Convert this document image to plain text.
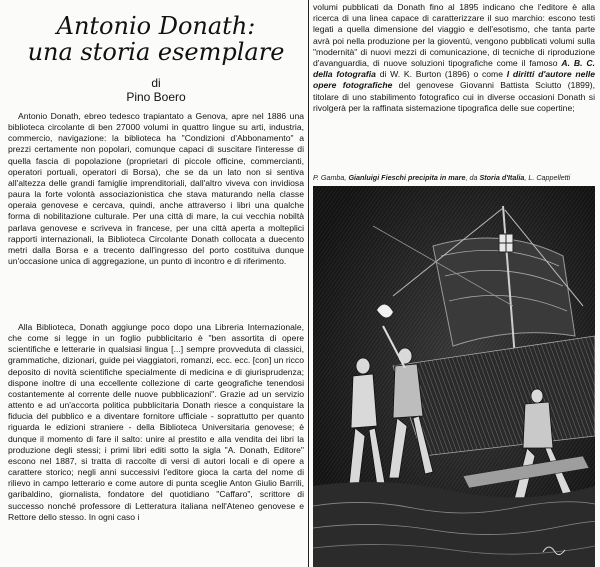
Antonio Donath:
una storia esemplare
di
Pino Boero

Antonio Donath, ebreo tedesco trapiantato a Genova, apre nel 1886 una biblioteca circolante di ben 27000 volumi in quattro lingue su arti, industria, commercio, navigazione: la biblioteca ha "Condizioni d'Abbonamento" a prezzi certamente non popolari, comunque capaci di suscitare l'interesse di quella fascia di popolazione (proprietari di piccole officine, commercianti, operatori portuali, operatori di Borsa), che se da un lato non si sentiva all'altezza delle grandi famiglie imprenditoriali, dall'altro viveva con invidiosa paura la forte volontà associazionistica che stava maturando nella classe operaia genovese e cercava, quindi, anche attraverso i libri una qualche forma di nobilitazione culturale. Per una città di mare, la cui vecchia nobiltà parlava genovese e scriveva in francese, per una città aperta a molteplici rapporti internazionali, la Biblioteca Circolante Donath collocata a duecento metri dalla Borsa e a trecento dall'ingresso del porto costituiva dunque un'occasione unica di aggregazione, un punto di incontro e di riferimento.

Alla Biblioteca, Donath aggiunge poco dopo una Libreria Internazionale, che come si legge in un foglio pubblicitario è "ben assortita di opere scientifiche e letterarie in qualsiasi lingua [...] sempre provveduta di classici, grammatiche, dizionari, guide pei viaggiatori, romanzi, ecc. ecc. [con] un ricco deposito di novità scientifiche specialmente di medicina e di giurisprudenza; dispone inoltre di una eccellente collezione di carte geografiche tenendosi costantemente al corrente delle nuove pubblicazioni". Grazie ad un servizio attento e ad un'accorta politica pubblicitaria Donath riesce a conquistare la fiducia del pubblico e a diventare fornitore ufficiale - soprattutto per quanto riguarda le edizioni straniere - della Biblioteca Universitaria genovese; è dunque il momento di fare il salto: unire al prestito e alla vendita dei libri la produzione degli stessi; i primi libri editi sotto la sigla "A. Donath, Editore" escono nel 1887, si tratta di raccolte di versi di autori locali e di opere a carattere storico; negli anni successivi l'editore gioca la carta del nome di rilievo in campo letterario e come autore di punta sceglie Anton Giulio Barrili, garibaldino, giornalista, fondatore del quotidiano "Caffaro", scrittore di successo nonché professore di Letteratura italiana nell'Ateneo genovese e Rettore dello stesso. In ogni caso i

volumi pubblicati da Donath fino al 1895 indicano che l'editore è alla ricerca di una linea capace di caratterizzare il suo marchio: escono testi legati a quella dimensione del viaggio e dell'esotismo, che tanta parte avrà poi nella produzione per la gioventù, vengono pubblicati volumi sulla "modernità" di nuovi mezzi di comunicazione, di tecniche di riproduzione d'avanguardia, di nuove soluzioni tipografiche come il famoso A. B. C. della fotografia di W. K. Burton (1896) o come I diritti d'autore nelle opere fotografiche del genovese Giovanni Battista Sciutto (1899), titolare di uno stabilimento fotografico cui in diverse occasioni Donath si rivolgerà per la raffinata sistemazione tipografica delle sue copertine;

P. Gamba, Gianluigi Fieschi precipita in mare, da Storia d'Italia, L. Cappelletti
